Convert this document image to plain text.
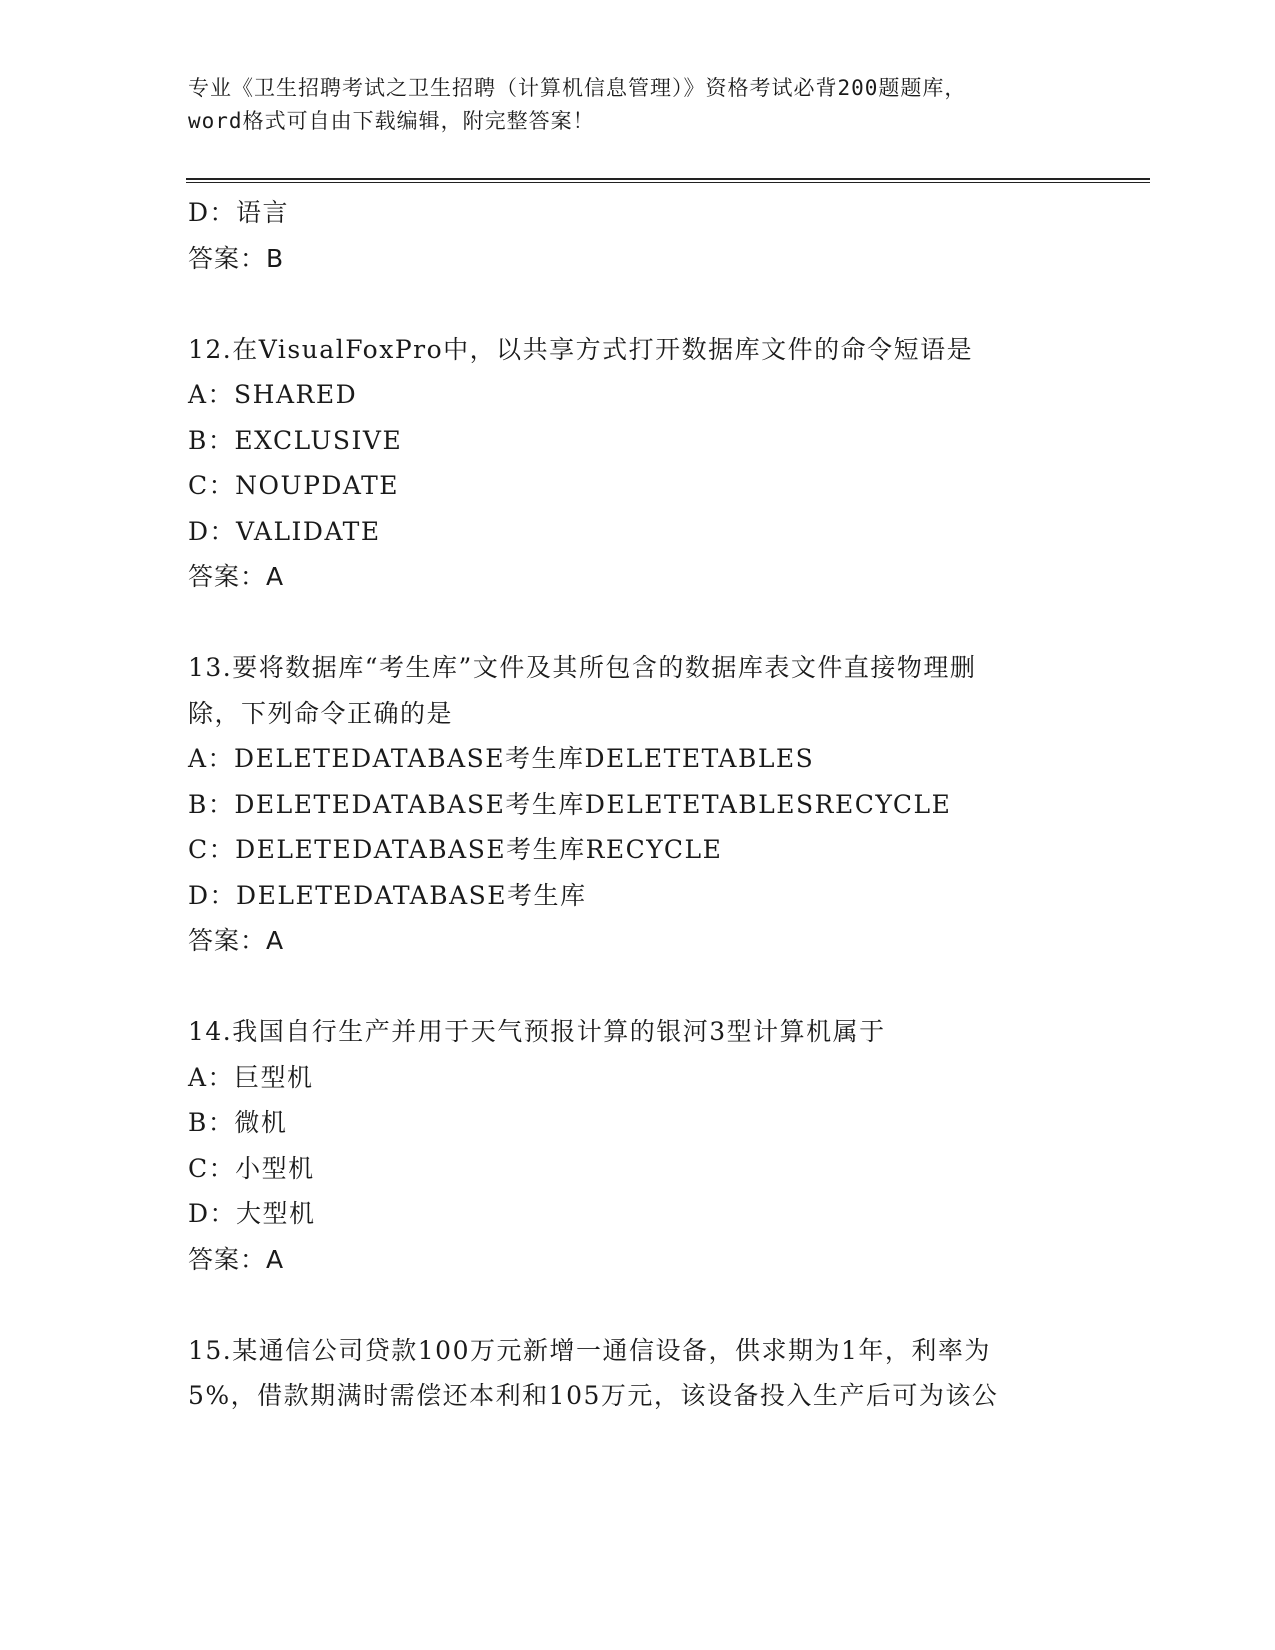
专业《卫生招聘考试之卫生招聘（计算机信息管理）》资格考试必背200题题库，
word格式可自由下载编辑，附完整答案！
D：语言
答案：B
12.在VisualFoxPro中，以共享方式打开数据库文件的命令短语是
A：SHARED
B：EXCLUSIVE
C：NOUPDATE
D：VALIDATE
答案：A
13.要将数据库“考生库”文件及其所包含的数据库表文件直接物理删
除，下列命令正确的是
A：DELETEDATABASE考生库DELETETABLES
B：DELETEDATABASE考生库DELETETABLESRECYCLE
C：DELETEDATABASE考生库RECYCLE
D：DELETEDATABASE考生库
答案：A
14.我国自行生产并用于天气预报计算的银河3型计算机属于
A：巨型机
B：微机
C：小型机
D：大型机
答案：A
15.某通信公司贷款100万元新增一通信设备，供求期为1年，利率为
5%，借款期满时需偿还本利和105万元，该设备投入生产后可为该公
